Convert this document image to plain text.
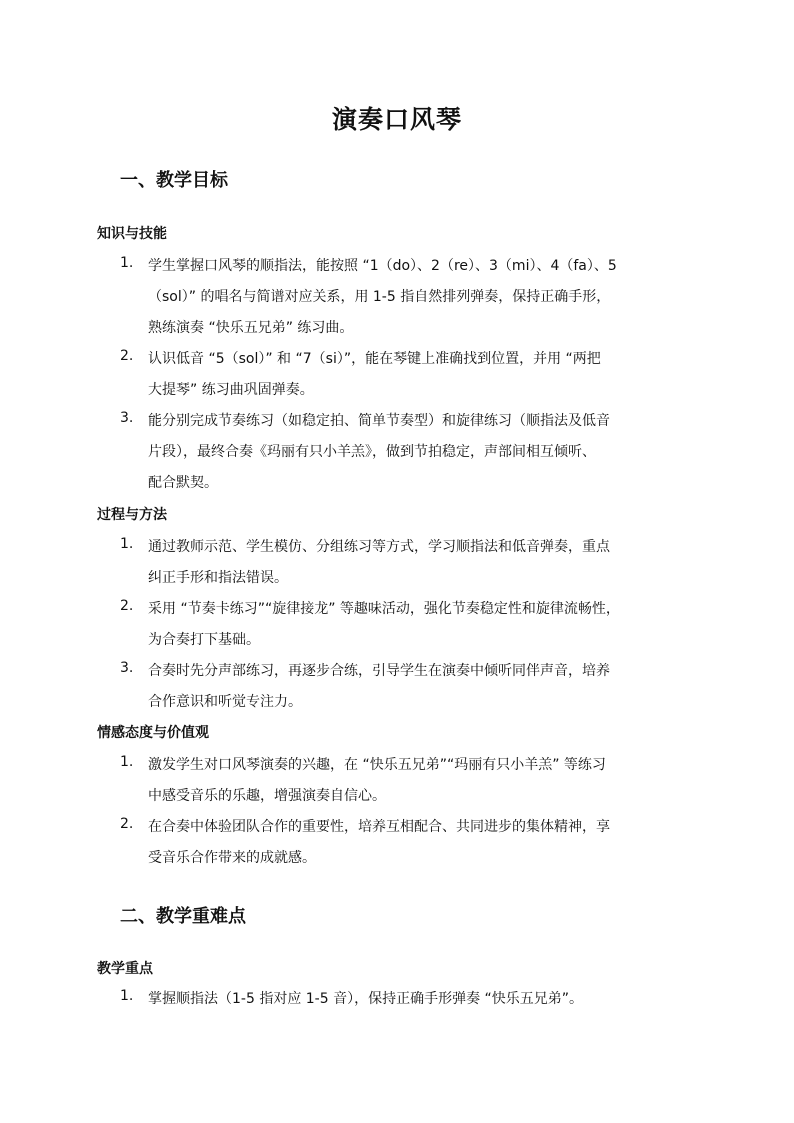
演奏口风琴
一、教学目标
知识与技能
1. 学生掌握口风琴的顺指法，能按照 “1（do）、2（re）、3（mi）、4（fa）、5
（sol）” 的唱名与简谱对应关系，用 1-5 指自然排列弹奏，保持正确手形，
熟练演奏 “快乐五兄弟” 练习曲。
2. 认识低音 “5（sol）” 和 “7（si）”，能在琴键上准确找到位置，并用 “两把
大提琴” 练习曲巩固弹奏。
3. 能分别完成节奏练习（如稳定拍、简单节奏型）和旋律练习（顺指法及低音
片段），最终合奏《玛丽有只小羊羔》，做到节拍稳定，声部间相互倾听、
配合默契。
过程与方法
1. 通过教师示范、学生模仿、分组练习等方式，学习顺指法和低音弹奏，重点
纠正手形和指法错误。
2. 采用 “节奏卡练习”“旋律接龙” 等趣味活动，强化节奏稳定性和旋律流畅性，
为合奏打下基础。
3. 合奏时先分声部练习，再逐步合练，引导学生在演奏中倾听同伴声音，培养
合作意识和听觉专注力。
情感态度与价值观
1. 激发学生对口风琴演奏的兴趣，在 “快乐五兄弟”“玛丽有只小羊羔” 等练习
中感受音乐的乐趣，增强演奏自信心。
2. 在合奏中体验团队合作的重要性，培养互相配合、共同进步的集体精神，享
受音乐合作带来的成就感。
二、教学重难点
教学重点
1. 掌握顺指法（1-5 指对应 1-5 音），保持正确手形弹奏 “快乐五兄弟”。
